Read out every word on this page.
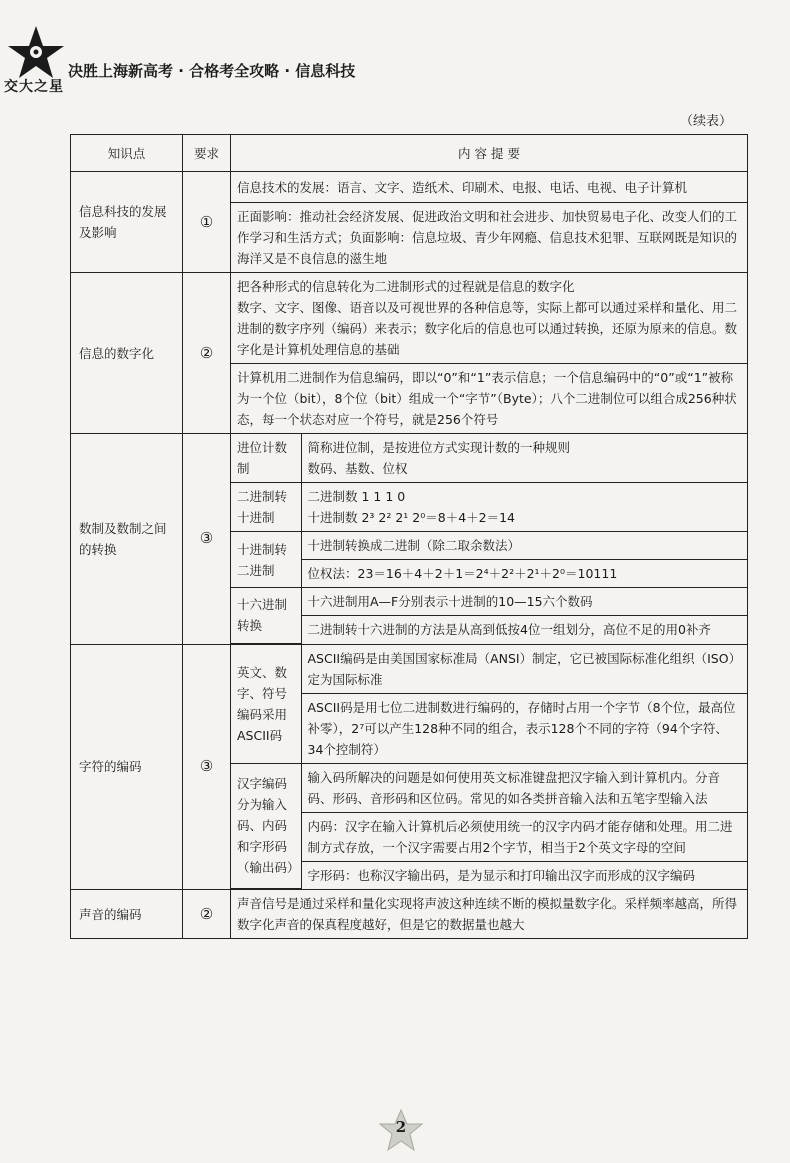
交大之星
决胜上海新高考 · 合格考全攻略 · 信息科技
（续表）
知识点	要求	内 容 提 要
信息科技的发展及影响	①	信息技术的发展：语言、文字、造纸术、印刷术、电报、电话、电视、电子计算机
正面影响：推动社会经济发展、促进政治文明和社会进步、加快贸易电子化、改变人们的工作学习和生活方式；负面影响：信息垃圾、青少年网瘾、信息技术犯罪、互联网既是知识的海洋又是不良信息的滋生地
信息的数字化	②	把各种形式的信息转化为二进制形式的过程就是信息的数字化
数字、文字、图像、语音以及可视世界的各种信息等，实际上都可以通过采样和量化、用二进制的数字序列（编码）来表示；数字化后的信息也可以通过转换，还原为原来的信息。数字化是计算机处理信息的基础
计算机用二进制作为信息编码，即以“0”和“1”表示信息；一个信息编码中的“0”或“1”被称为一个位（bit），8个位（bit）组成一个“字节”（Byte）；八个二进制位可以组合成256种状态，每一个状态对应一个符号，就是256个符号
数制及数制之间的转换	③	
进位计数制	简称进位制，是按进位方式实现计数的一种规则
数码、基数、位权
二进制转十进制	二进制数 1 1 1 0
十进制数 2³ 2² 2¹ 2⁰＝8＋4＋2＝14
十进制转二进制	十进制转换成二进制（除二取余数法）
位权法：23＝16＋4＋2＋1＝2⁴＋2²＋2¹＋2⁰＝10111
十六进制转换	十六进制用A—F分别表示十进制的10—15六个数码
二进制转十六进制的方法是从高到低按4位一组划分，高位不足的用0补齐

字符的编码	③	
英文、数字、符号编码采用ASCII码	ASCII编码是由美国国家标准局（ANSI）制定，它已被国际标准化组织（ISO）定为国际标准
ASCII码是用七位二进制数进行编码的，存储时占用一个字节（8个位，最高位补零），2⁷可以产生128种不同的组合，表示128个不同的字符（94个字符、34个控制符）
汉字编码分为输入码、内码和字形码（输出码）	输入码所解决的问题是如何使用英文标准键盘把汉字输入到计算机内。分音码、形码、音形码和区位码。常见的如各类拼音输入法和五笔字型输入法
内码：汉字在输入计算机后必须使用统一的汉字内码才能存储和处理。用二进制方式存放，一个汉字需要占用2个字节，相当于2个英文字母的空间
字形码：也称汉字输出码，是为显示和打印输出汉字而形成的汉字编码

声音的编码	②	声音信号是通过采样和量化实现将声波这种连续不断的模拟量数字化。采样频率越高，所得数字化声音的保真程度越好，但是它的数据量也越大
2
